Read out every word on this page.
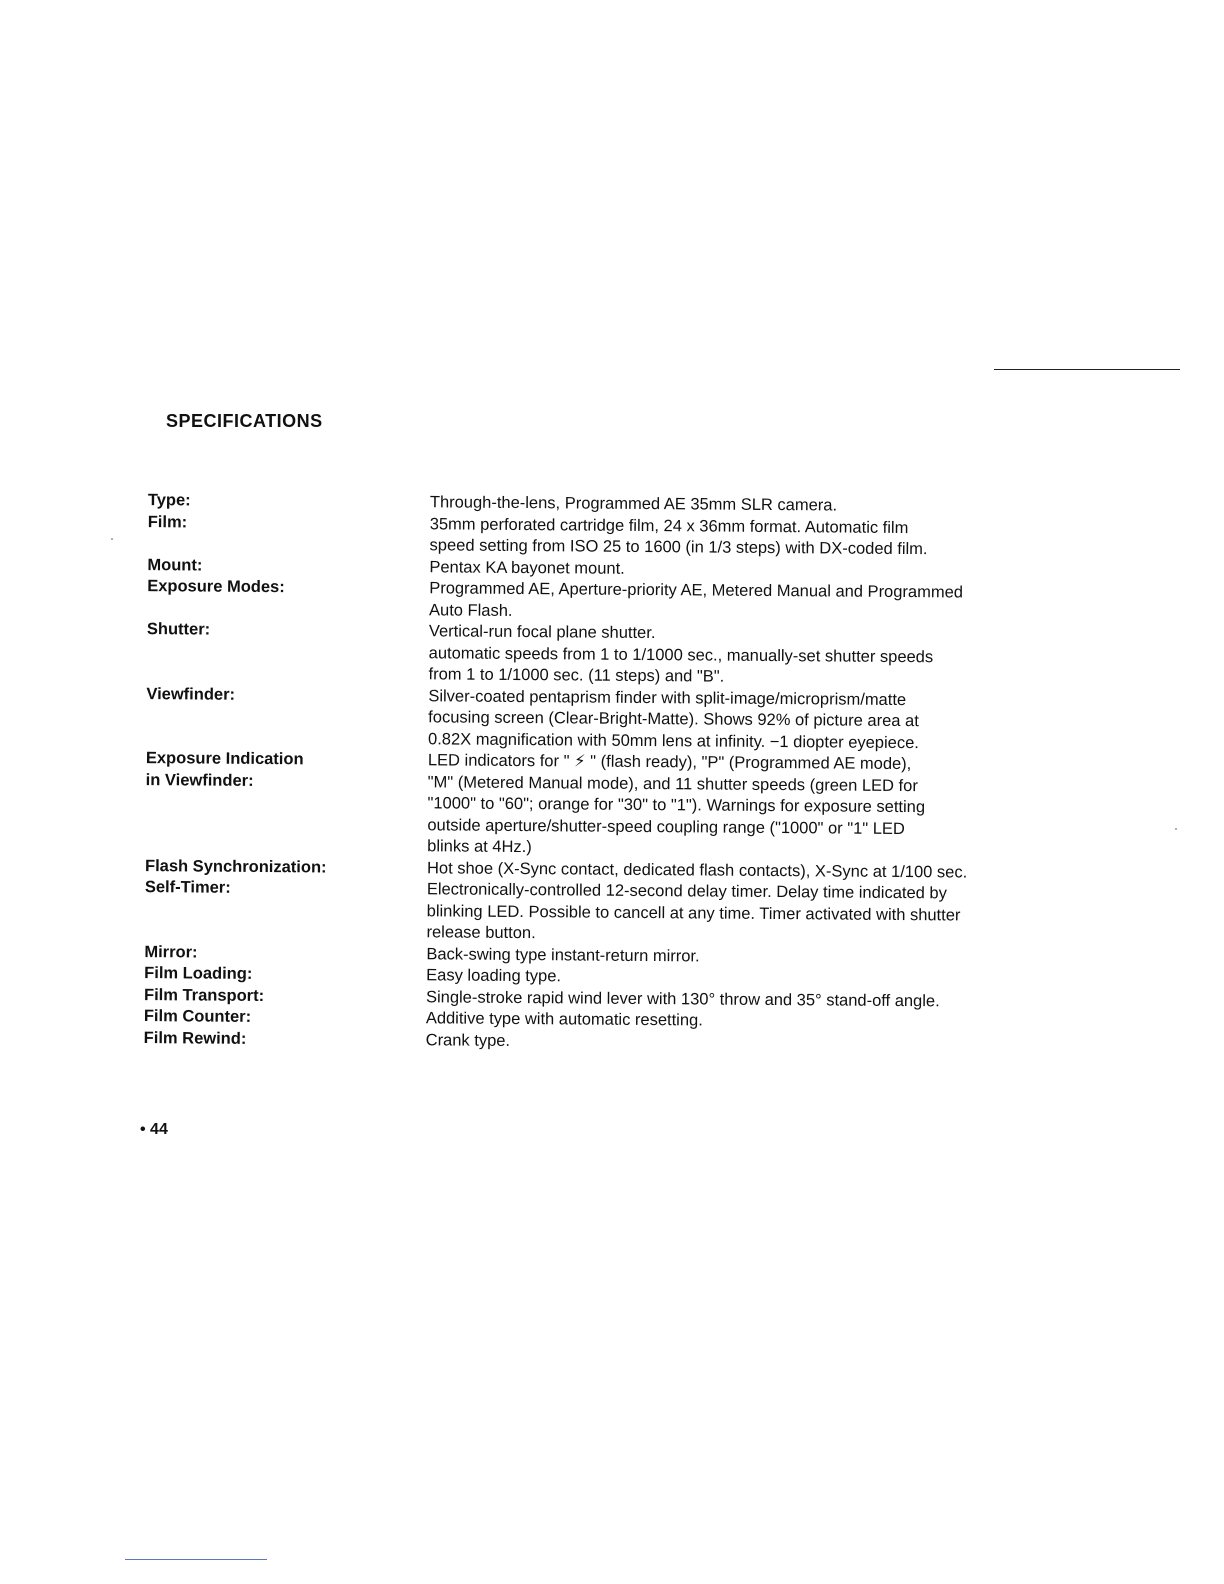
SPECIFICATIONS
Type:	Through-the-lens, Programmed AE 35mm SLR camera.
Film:	35mm perforated cartridge film, 24 x 36mm format. Automatic film
speed setting from ISO 25 to 1600 (in 1/3 steps) with DX-coded film.
Mount:	Pentax KA bayonet mount.
Exposure Modes:	Programmed AE, Aperture-priority AE, Metered Manual and Programmed
Auto Flash.
Shutter:	Vertical-run focal plane shutter.
automatic speeds from 1 to 1/1000 sec., manually-set shutter speeds
from 1 to 1/1000 sec. (11 steps) and "B".
Viewfinder:	Silver-coated pentaprism finder with split-image/microprism/matte
focusing screen (Clear-Bright-Matte). Shows 92% of picture area at
0.82X magnification with 50mm lens at infinity. −1 diopter eyepiece.
Exposure Indication
in Viewfinder:
LED indicators for " ⚡ " (flash ready), "P" (Programmed AE mode),
"M" (Metered Manual mode), and 11 shutter speeds (green LED for
"1000" to "60"; orange for "30" to "1"). Warnings for exposure setting
outside aperture/shutter-speed coupling range ("1000" or "1" LED
blinks at 4Hz.)
Flash Synchronization:	Hot shoe (X-Sync contact, dedicated flash contacts), X-Sync at 1/100 sec.
Self-Timer:	Electronically-controlled 12-second delay timer. Delay time indicated by
blinking LED. Possible to cancell at any time. Timer activated with shutter
release button.
Mirror:	Back-swing type instant-return mirror.
Film Loading:	Easy loading type.
Film Transport:	Single-stroke rapid wind lever with 130° throw and 35° stand-off angle.
Film Counter:	Additive type with automatic resetting.
Film Rewind:	Crank type.
• 44
